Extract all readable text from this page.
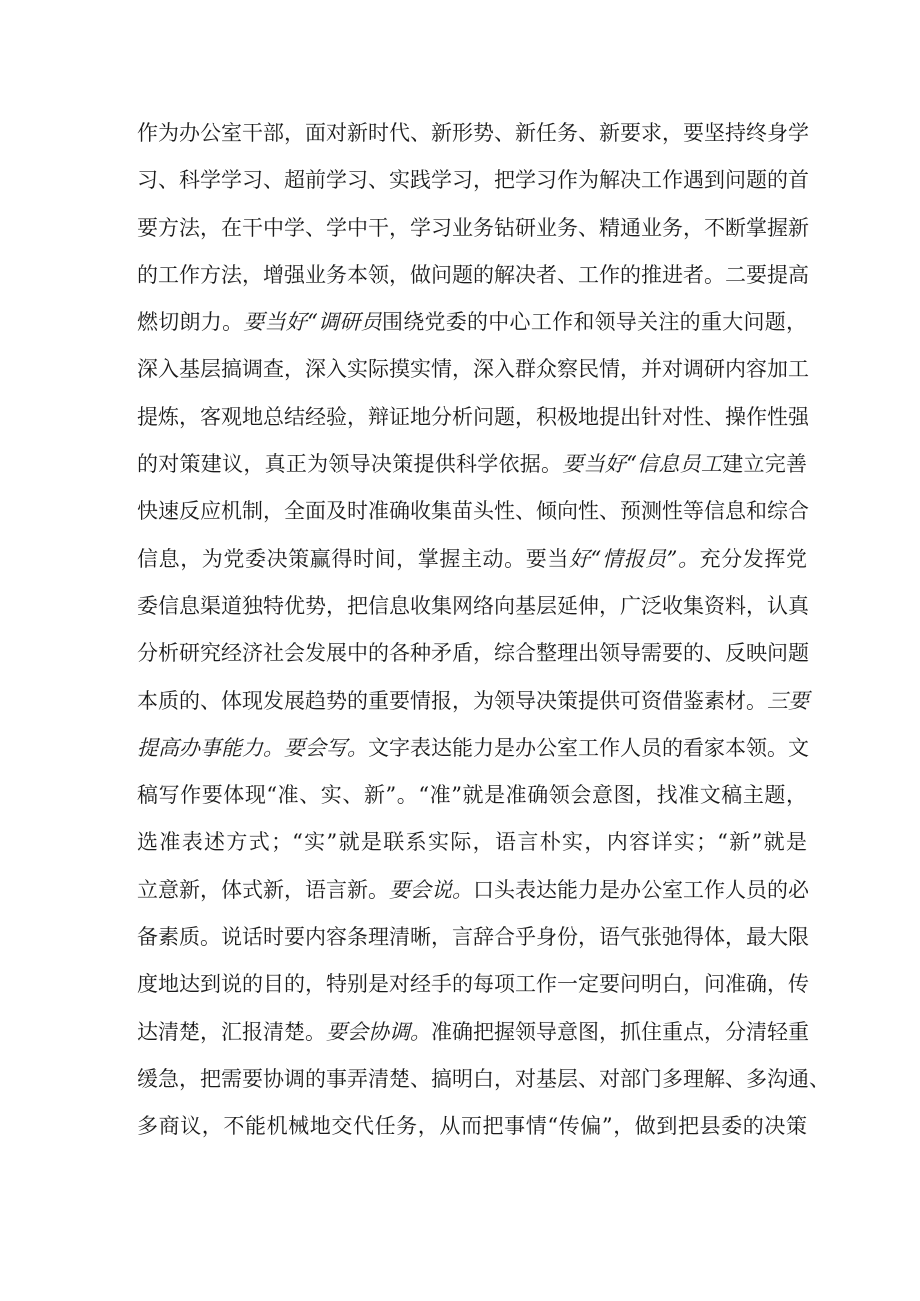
作为办公室干部，面对新时代、新形势、新任务、新要求，要坚持终身学
习、科学学习、超前学习、实践学习，把学习作为解决工作遇到问题的首
要方法，在干中学、学中干，学习业务钻研业务、精通业务，不断掌握新
的工作方法，增强业务本领，做问题的解决者、工作的推进者。二要提高
燃切朗力。要当好“调研员围绕党委的中心工作和领导关注的重大问题，
深入基层搞调查，深入实际摸实情，深入群众察民情，并对调研内容加工
提炼，客观地总结经验，辩证地分析问题，积极地提出针对性、操作性强
的对策建议，真正为领导决策提供科学依据。要当好“信息员工建立完善
快速反应机制，全面及时准确收集苗头性、倾向性、预测性等信息和综合
信息，为党委决策赢得时间，掌握主动。要当好“情报员”。充分发挥党
委信息渠道独特优势，把信息收集网络向基层延伸，广泛收集资料，认真
分析研究经济社会发展中的各种矛盾，综合整理出领导需要的、反映问题
本质的、体现发展趋势的重要情报，为领导决策提供可资借鉴素材。三要
提高办事能力。要会写。文字表达能力是办公室工作人员的看家本领。文
稿写作要体现“准、实、新”。“准”就是准确领会意图，找准文稿主题，
选准表述方式；“实”就是联系实际，语言朴实，内容详实；“新”就是
立意新，体式新，语言新。要会说。口头表达能力是办公室工作人员的必
备素质。说话时要内容条理清晰，言辞合乎身份，语气张弛得体，最大限
度地达到说的目的，特别是对经手的每项工作一定要问明白，问准确，传
达清楚，汇报清楚。要会协调。准确把握领导意图，抓住重点，分清轻重
缓急，把需要协调的事弄清楚、搞明白，对基层、对部门多理解、多沟通、
多商议，不能机械地交代任务，从而把事情“传偏”，做到把县委的决策
